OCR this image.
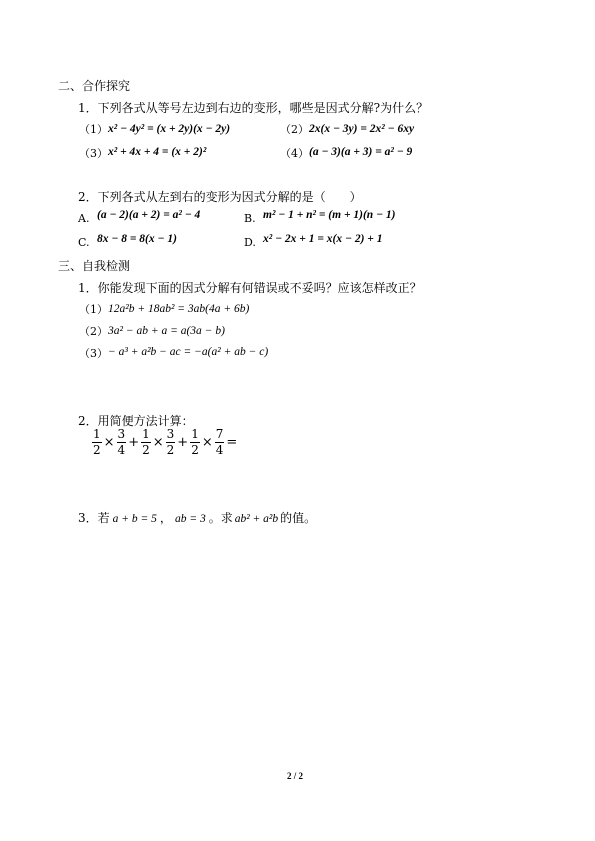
二、合作探究
1．下列各式从等号左边到右边的变形，哪些是因式分解?为什么？
（1） x² − 4y² = (x + 2y)(x − 2y)	（2） 2x(x − 3y) = 2x² − 6xy
（3） x² + 4x + 4 = (x + 2)²	（4） (a − 3)(a + 3) = a² − 9
2．下列各式从左到右的变形为因式分解的是（　　）
A. (a − 2)(a + 2) = a² − 4	B. m² − 1 + n² = (m + 1)(n − 1)
C. 8x − 8 = 8(x − 1)	D. x² − 2x + 1 = x(x − 2) + 1
三、自我检测
1．你能发现下面的因式分解有何错误或不妥吗？应该怎样改正？
（1） 12a²b + 18ab² = 3ab(4a + 6b)
（2） 3a² − ab + a = a(3a − b)
（3） − a³ + a²b − ac = −a(a² + ab − c)
2．用简便方法计算：
$\frac{1}{2} \times \frac{3}{4} + \frac{1}{2} \times \frac{3}{2} + \frac{1}{2} \times \frac{7}{4}$ =
3．若 a + b = 5 ， ab = 3 。求 ab² + a²b 的值。
2 / 2
